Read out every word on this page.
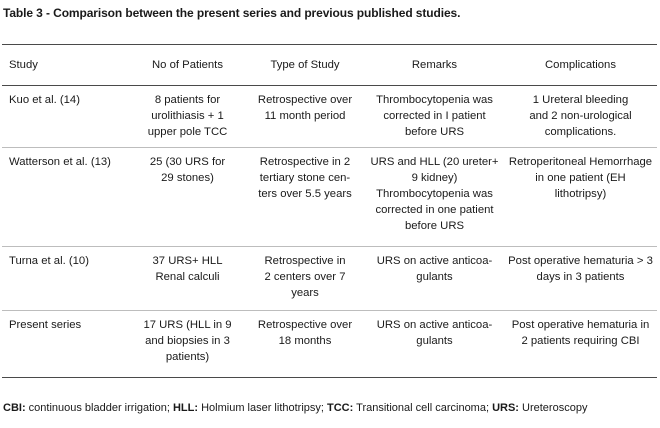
Table 3 - Comparison between the present series and previous published studies.
Study	No of Patients	Type of Study	Remarks	Complications
Kuo et al. (14)	8 patients for
urolithiasis + 1
upper pole TCC	Retrospective over
11 month period	Thrombocytopenia was
corrected in I patient
before URS	1 Ureteral bleeding
and 2 non-urological
complications.

Watterson et al. (13)	25 (30 URS for
29 stones)	Retrospective in 2
tertiary stone cen-
ters over 5.5 years	URS and HLL (20 ureter+
9 kidney)
Thrombocytopenia was
corrected in one patient
before URS	Retroperitoneal Hemorrhage
in one patient (EH
lithotripsy)

Turna et al. (10)	37 URS+ HLL
Renal calculi	Retrospective in
2 centers over 7
years	URS on active anticoa-
gulants	Post operative hematuria > 3
days in 3 patients

Present series	17 URS (HLL in 9
and biopsies in 3
patients)	Retrospective over
18 months	URS on active anticoa-
gulants	Post operative hematuria in
2 patients requiring CBI
CBI: continuous bladder irrigation; HLL: Holmium laser lithotripsy; TCC: Transitional cell carcinoma; URS: Ureteroscopy
